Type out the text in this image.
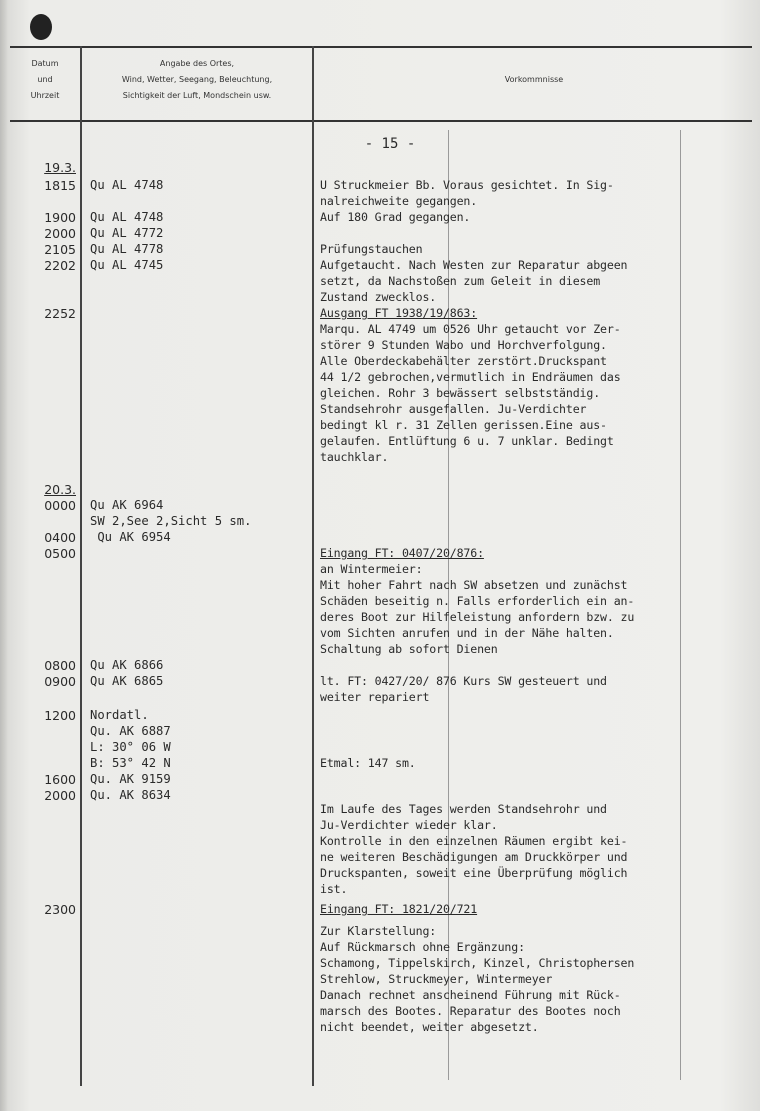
Datum
und
Uhrzeit
Angabe des Ortes,
Wind, Wetter, Seegang, Beleuchtung,
Sichtigkeit der Luft, Mondschein usw.
Vorkommnisse
- 15 -
19.3.
1815 Qu AL 4748
1900 Qu AL 4748
2000 Qu AL 4772
2105 Qu AL 4778
2202 Qu AL 4745
2252
20.3.
0000 Qu AK 6964
SW 2,See 2,Sicht 5 sm.
0400 Qu AK 6954
0500
0800 Qu AK 6866
0900 Qu AK 6865
1200 Nordatl.
Qu. AK 6887
L: 30° 06 W
B: 53° 42 N
1600 Qu. AK 9159
2000 Qu. AK 8634
2300
U Struckmeier Bb. Voraus gesichtet. In Sig-
nalreichweite gegangen.
Auf 180 Grad gegangen.
Prüfungstauchen
Aufgetaucht. Nach Westen zur Reparatur abgeen
setzt, da Nachstoßen zum Geleit in diesem
Zustand zwecklos.
Ausgang FT 1938/19/863:
Marqu. AL 4749 um 0526 Uhr getaucht vor Zer-
störer 9 Stunden Wabo und Horchverfolgung.
Alle Oberdeckabehälter zerstört.Druckspant
44 1/2 gebrochen,vermutlich in Endräumen das
gleichen. Rohr 3 bewässert selbstständig.
Standsehrohr ausgefallen. Ju-Verdichter
bedingt kl r. 31 Zellen gerissen.Eine aus-
gelaufen. Entlüftung 6 u. 7 unklar. Bedingt
tauchklar.
Eingang FT: 0407/20/876:
an Wintermeier:
Mit hoher Fahrt nach SW absetzen und zunächst
Schäden beseitig n. Falls erforderlich ein an-
deres Boot zur Hilfeleistung anfordern bzw. zu
vom Sichten anrufen und in der Nähe halten.
Schaltung ab sofort Dienen
lt. FT: 0427/20/ 876 Kurs SW gesteuert und
weiter repariert
Etmal: 147 sm.
Im Laufe des Tages werden Standsehrohr und
Ju-Verdichter wieder klar.
Kontrolle in den einzelnen Räumen ergibt kei-
ne weiteren Beschädigungen am Druckkörper und
Druckspanten, soweit eine Überprüfung möglich
ist.
Eingang FT: 1821/20/721
Zur Klarstellung:
Auf Rückmarsch ohne Ergänzung:
Schamong, Tippelskirch, Kinzel, Christophersen
Strehlow, Struckmeyer, Wintermeyer
Danach rechnet anscheinend Führung mit Rück-
marsch des Bootes. Reparatur des Bootes noch
nicht beendet, weiter abgesetzt.
